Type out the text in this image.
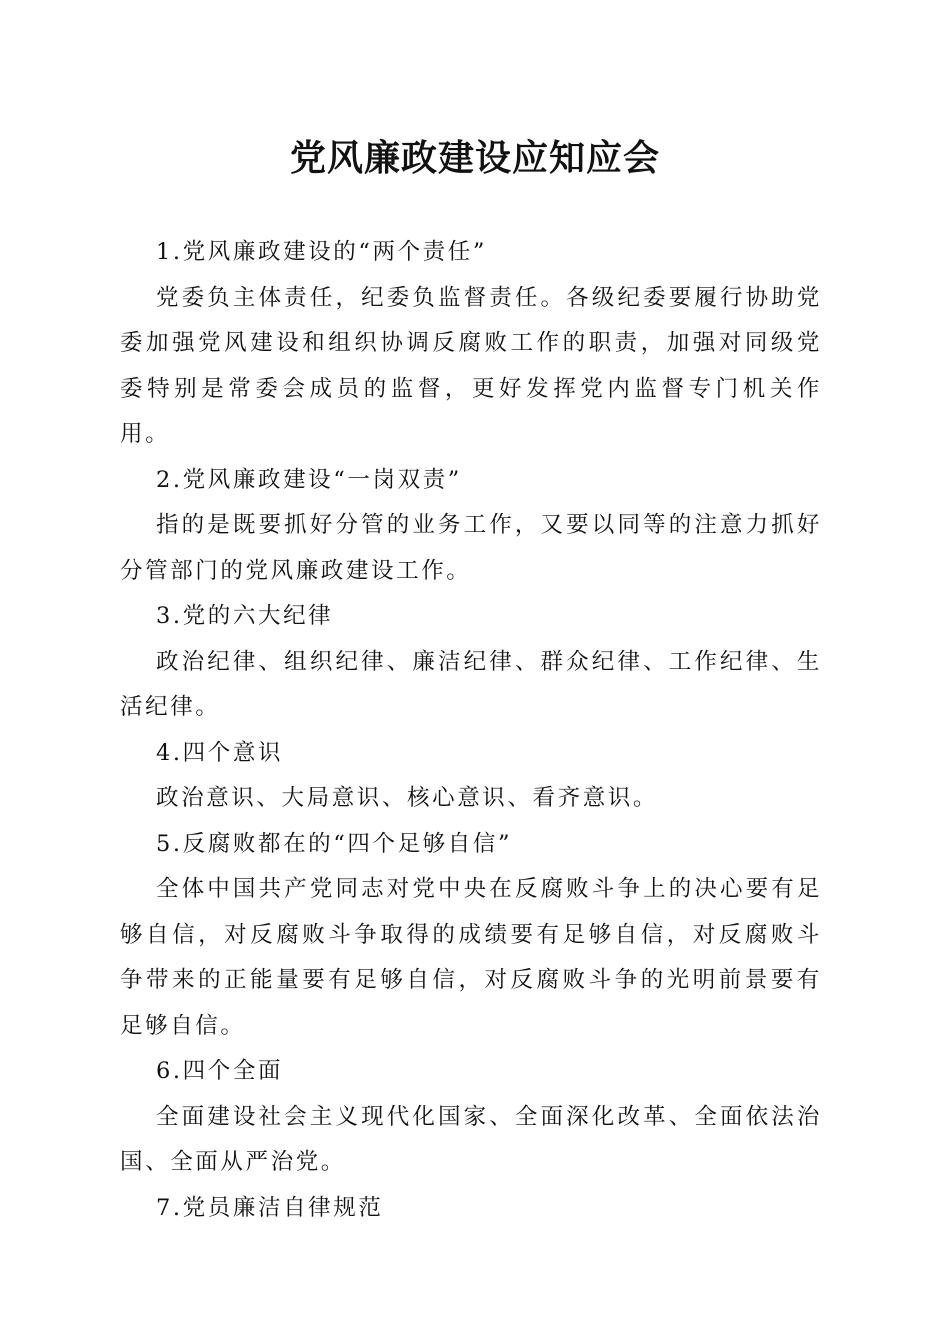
党风廉政建设应知应会

1.党风廉政建设的“两个责任”

党委负主体责任，纪委负监督责任。各级纪委要履行协助党委加强党风建设和组织协调反腐败工作的职责，加强对同级党委特别是常委会成员的监督，更好发挥党内监督专门机关作用。

2.党风廉政建设“一岗双责”

指的是既要抓好分管的业务工作，又要以同等的注意力抓好分管部门的党风廉政建设工作。

3.党的六大纪律

政治纪律、组织纪律、廉洁纪律、群众纪律、工作纪律、生活纪律。

4.四个意识

政治意识、大局意识、核心意识、看齐意识。

5.反腐败都在的“四个足够自信”

全体中国共产党同志对党中央在反腐败斗争上的决心要有足够自信，对反腐败斗争取得的成绩要有足够自信，对反腐败斗争带来的正能量要有足够自信，对反腐败斗争的光明前景要有足够自信。

6.四个全面

全面建设社会主义现代化国家、全面深化改革、全面依法治国、全面从严治党。

7.党员廉洁自律规范
